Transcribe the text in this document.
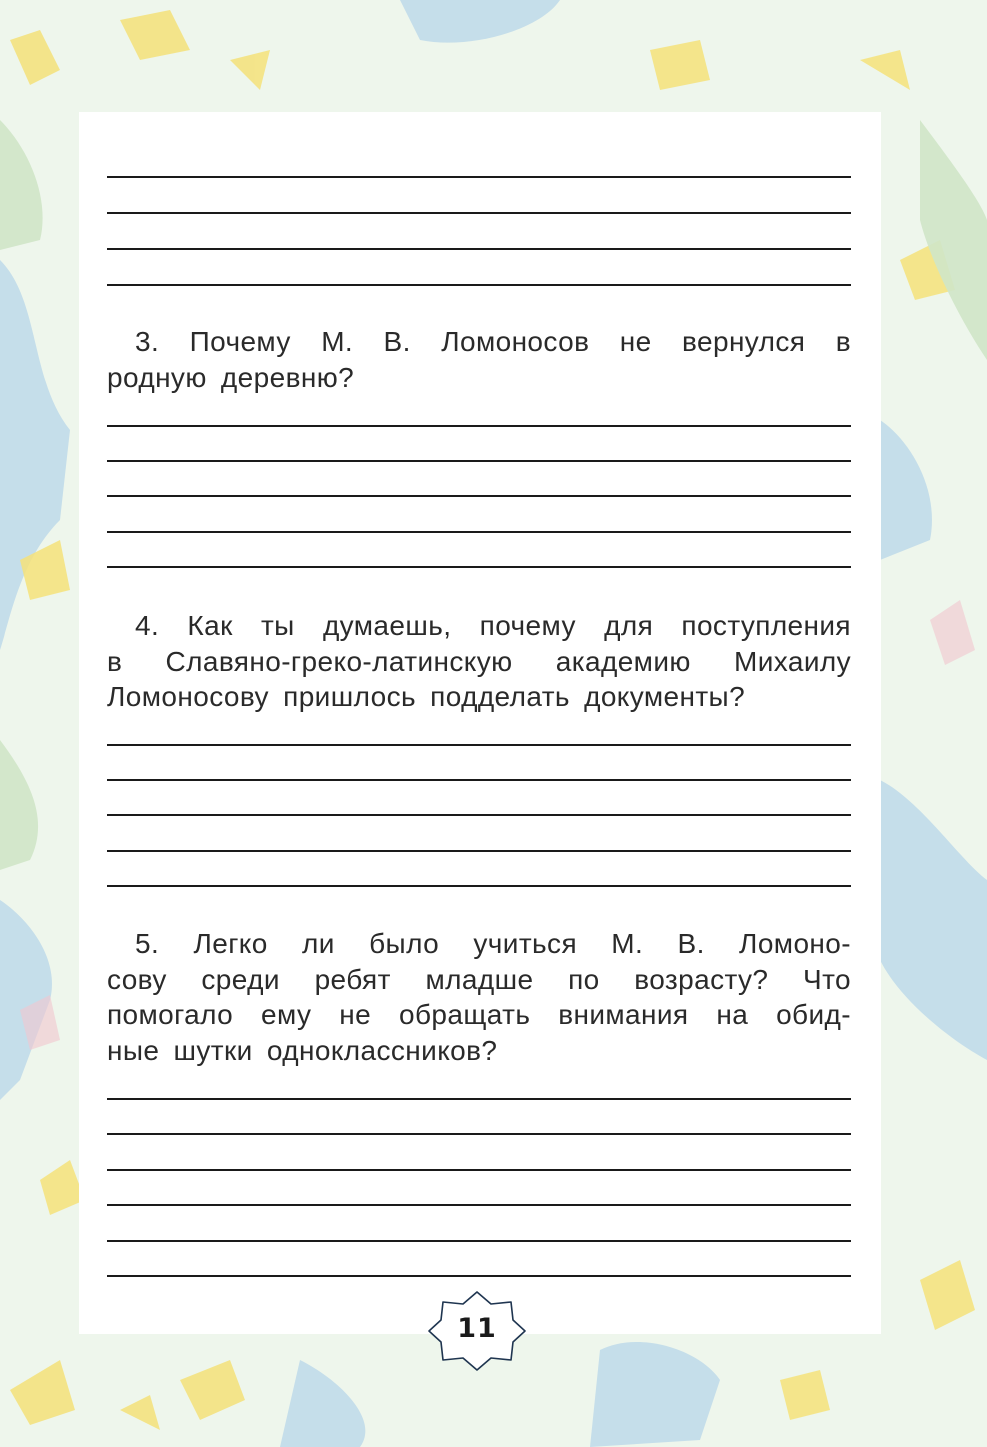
3. Почему М. В. Ломоносов не вернулся в
родную деревню?
4. Как ты думаешь, почему для поступления
в Славяно-греко-латинскую академию Михаилу
Ломоносову пришлось подделать документы?
5. Легко ли было учиться М. В. Ломоно-
сову среди ребят младше по возрасту? Что
помогало ему не обращать внимания на обид-
ные шутки одноклассников?
11
